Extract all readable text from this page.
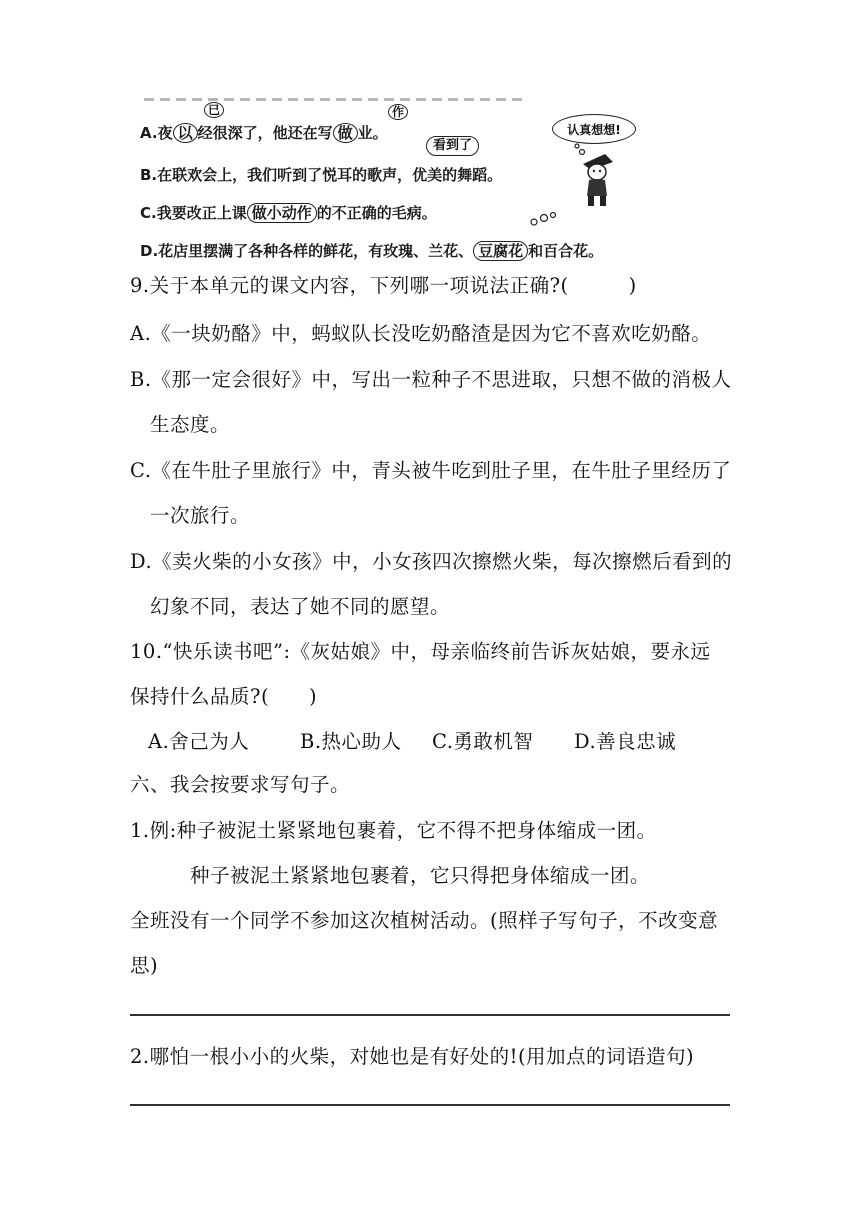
已	作
A.夜 以 经很深了，他还在写 做 业。
看到了
B.在联欢会上，我们听到了悦耳的歌声，优美的舞蹈。
C.我要改正上课 做小动作 的不正确的毛病。
D.花店里摆满了各种各样的鲜花，有玫瑰、兰花、 豆腐花 和百合花。
认真想想!
9.关于本单元的课文内容，下列哪一项说法正确?(　　　)
A.《一块奶酪》中，蚂蚁队长没吃奶酪渣是因为它不喜欢吃奶酪。
B.《那一定会很好》中，写出一粒种子不思进取，只想不做的消极人
生态度。
C.《在牛肚子里旅行》中，青头被牛吃到肚子里，在牛肚子里经历了
一次旅行。
D.《卖火柴的小女孩》中，小女孩四次擦燃火柴，每次擦燃后看到的
幻象不同，表达了她不同的愿望。
10.“快乐读书吧”:《灰姑娘》中，母亲临终前告诉灰姑娘，要永远
保持什么品质?(　　)
A.舍己为人	B.热心助人 C.勇敢机智 D.善良忠诚
六、我会按要求写句子。
1.例:种子被泥土紧紧地包裹着，它不得不把身体缩成一团。
种子被泥土紧紧地包裹着，它只得把身体缩成一团。
全班没有一个同学不参加这次植树活动。(照样子写句子，不改变意
思)
2.哪怕一根小小的火柴，对她也是有好处的!(用加点的词语造句)
